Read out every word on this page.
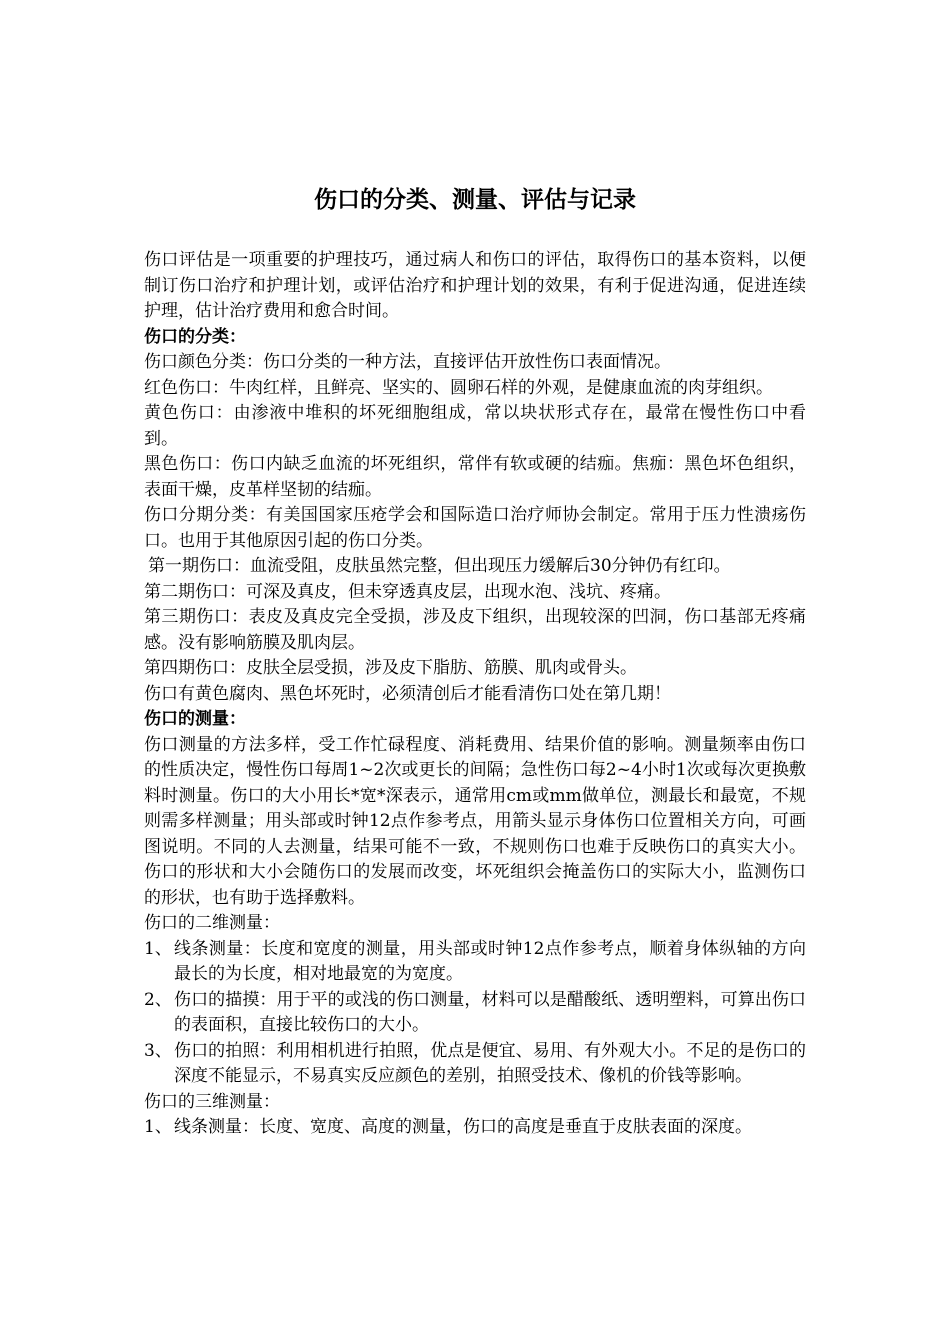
伤口的分类、测量、评估与记录

伤口评估是一项重要的护理技巧，通过病人和伤口的评估，取得伤口的基本资料，以便制订伤口治疗和护理计划，或评估治疗和护理计划的效果，有利于促进沟通，促进连续护理，估计治疗费用和愈合时间。

伤口的分类：

伤口颜色分类：伤口分类的一种方法，直接评估开放性伤口表面情况。

红色伤口：牛肉红样，且鲜亮、坚实的、圆卵石样的外观，是健康血流的肉芽组织。

黄色伤口：由渗液中堆积的坏死细胞组成，常以块状形式存在，最常在慢性伤口中看到。

黑色伤口：伤口内缺乏血流的坏死组织，常伴有软或硬的结痂。焦痂：黑色坏色组织，表面干燥，皮革样坚韧的结痂。

伤口分期分类：有美国国家压疮学会和国际造口治疗师协会制定。常用于压力性溃疡伤口。也用于其他原因引起的伤口分类。

第一期伤口：血流受阻，皮肤虽然完整，但出现压力缓解后30分钟仍有红印。

第二期伤口：可深及真皮，但未穿透真皮层，出现水泡、浅坑、疼痛。

第三期伤口：表皮及真皮完全受损，涉及皮下组织，出现较深的凹洞，伤口基部无疼痛感。没有影响筋膜及肌肉层。

第四期伤口：皮肤全层受损，涉及皮下脂肪、筋膜、肌肉或骨头。

伤口有黄色腐肉、黑色坏死时，必须清创后才能看清伤口处在第几期！

伤口的测量：

伤口测量的方法多样，受工作忙碌程度、消耗费用、结果价值的影响。测量频率由伤口的性质决定，慢性伤口每周1~2次或更长的间隔；急性伤口每2~4小时1次或每次更换敷料时测量。伤口的大小用长*宽*深表示，通常用cm或mm做单位，测最长和最宽，不规则需多样测量；用头部或时钟12点作参考点，用箭头显示身体伤口位置相关方向，可画图说明。不同的人去测量，结果可能不一致，不规则伤口也难于反映伤口的真实大小。伤口的形状和大小会随伤口的发展而改变，坏死组织会掩盖伤口的实际大小，监测伤口的形状，也有助于选择敷料。

伤口的二维测量：

1、 线条测量：长度和宽度的测量，用头部或时钟12点作参考点，顺着身体纵轴的方向最长的为长度，相对地最宽的为宽度。
2、 伤口的描摸：用于平的或浅的伤口测量，材料可以是醋酸纸、透明塑料，可算出伤口的表面积，直接比较伤口的大小。
3、 伤口的拍照：利用相机进行拍照，优点是便宜、易用、有外观大小。不足的是伤口的深度不能显示，不易真实反应颜色的差别，拍照受技术、像机的价钱等影响。

伤口的三维测量：

1、 线条测量：长度、宽度、高度的测量，伤口的高度是垂直于皮肤表面的深度。
